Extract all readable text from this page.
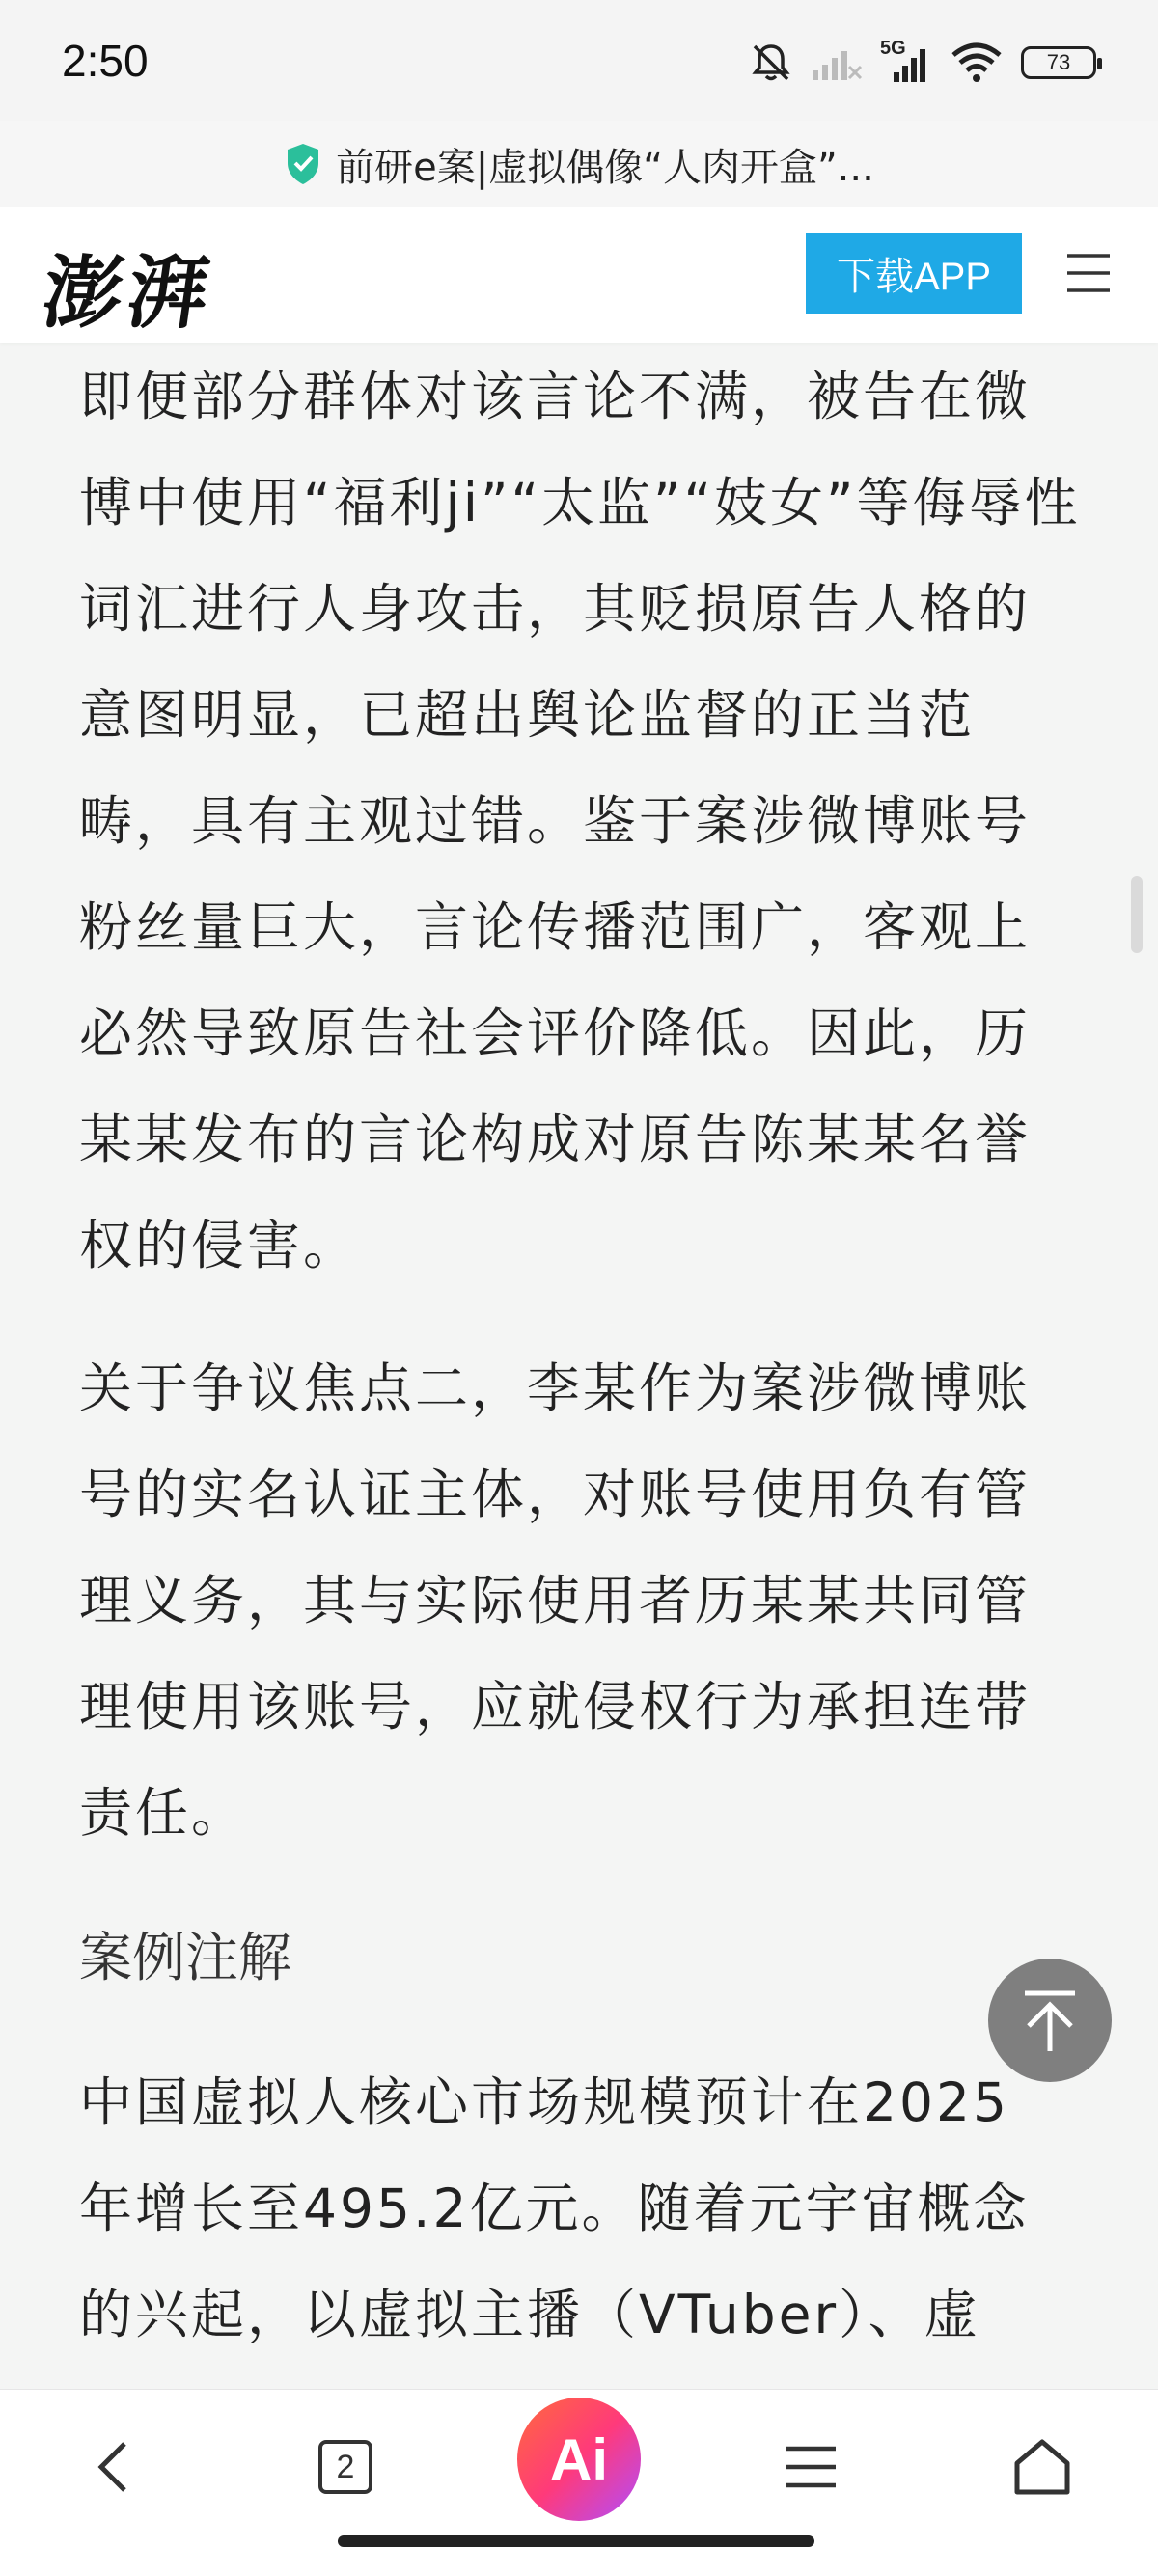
2:50	5G
73
前研e案|虚拟偶像“人肉开盒”...
澎湃	下载APP
即便部分群体对该言论不满，被告在微
博中使用“福利ji”“太监”“妓女”等侮辱性
词汇进行人身攻击，其贬损原告人格的
意图明显，已超出舆论监督的正当范
畴，具有主观过错。鉴于案涉微博账号
粉丝量巨大，言论传播范围广，客观上
必然导致原告社会评价降低。因此，历
某某发布的言论构成对原告陈某某名誉
权的侵害。
关于争议焦点二，李某作为案涉微博账
号的实名认证主体，对账号使用负有管
理义务，其与实际使用者历某某共同管
理使用该账号，应就侵权行为承担连带
责任。
案例注解
中国虚拟人核心市场规模预计在2025
年增长至495.2亿元。随着元宇宙概念
的兴起，以虚拟主播（VTuber）、虚
2	Ai
